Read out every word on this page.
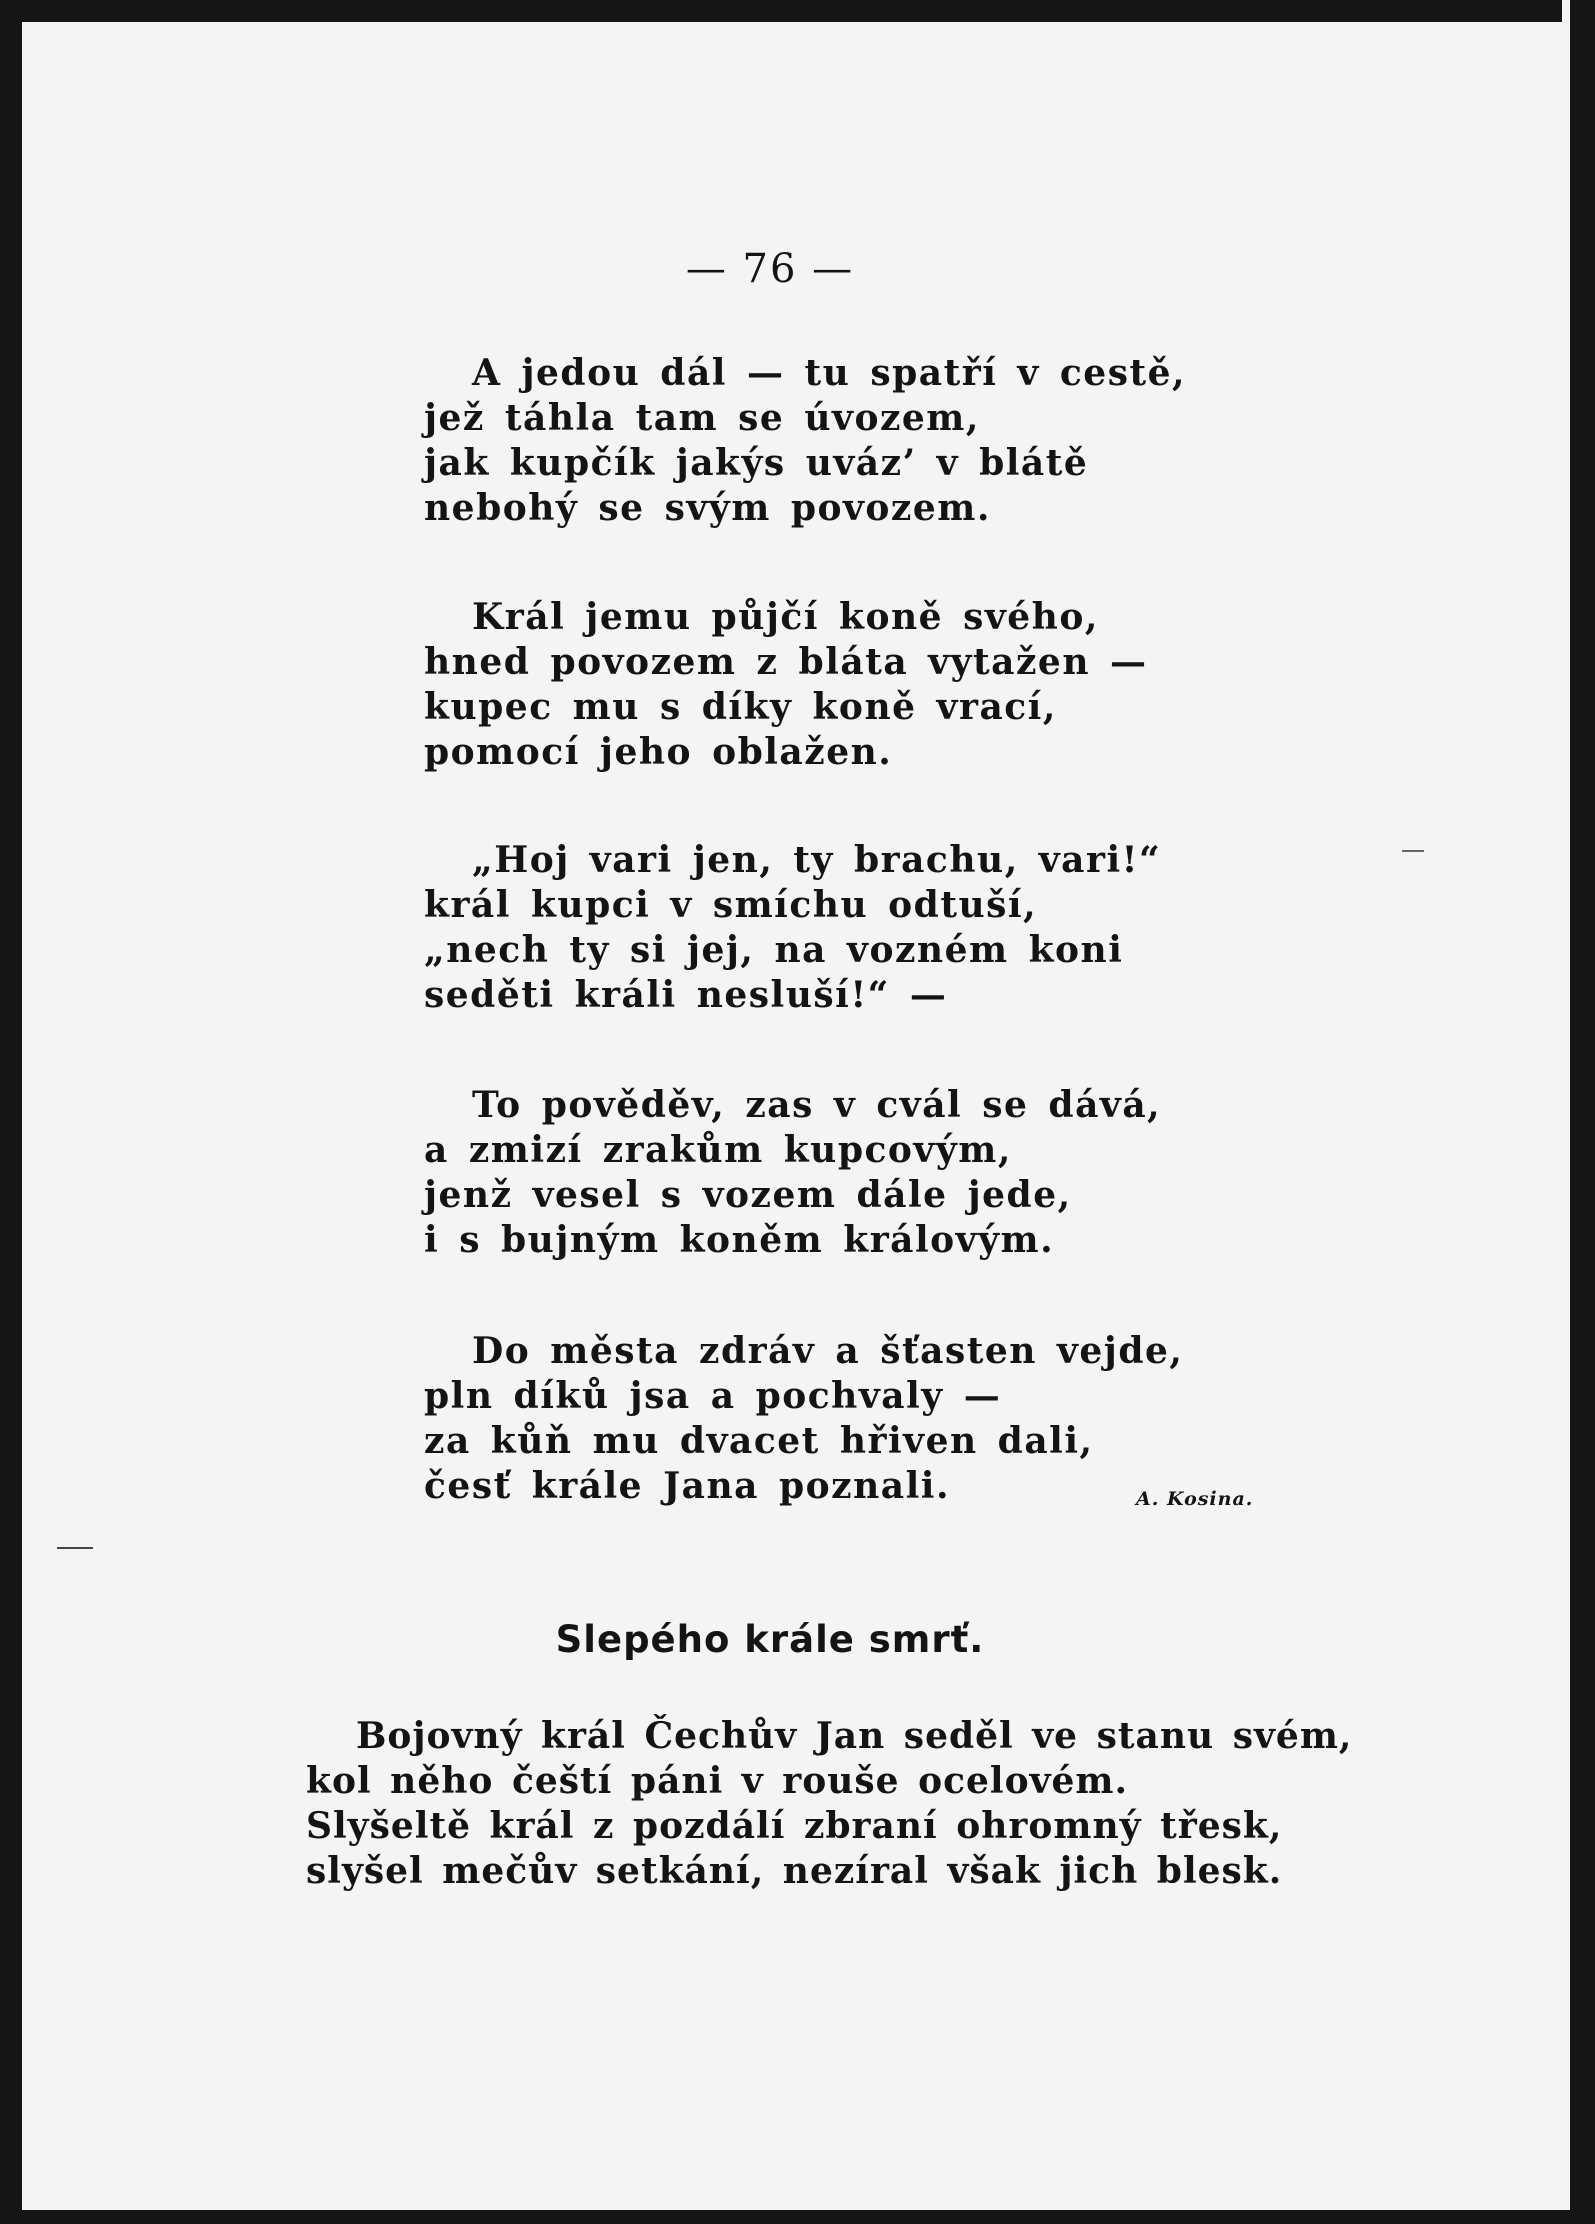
— 76 —
A jedou dál — tu spatří v cestě,
jež táhla tam se úvozem,
jak kupčík jakýs uváz’ v blátě
nebohý se svým povozem.
Král jemu půjčí koně svého,
hned povozem z bláta vytažen —
kupec mu s díky koně vrací,
pomocí jeho oblažen.
„Hoj vari jen, ty brachu, vari!“
král kupci v smíchu odtuší,
„nech ty si jej, na vozném koni
seděti králi nesluší!“ —
To pověděv, zas v cvál se dává,
a zmizí zrakům kupcovým,
jenž vesel s vozem dále jede,
i s bujným koněm královým.
Do města zdráv a šťasten vejde,
pln díků jsa a pochvaly —
za kůň mu dvacet hřiven dali,
česť krále Jana poznali.	A. Kosina.
Slepého krále smrť.
Bojovný král Čechův Jan seděl ve stanu svém,
kol něho čeští páni v rouše ocelovém.
Slyšeltě král z pozdálí zbraní ohromný třesk,
slyšel mečův setkání, nezíral však jich blesk.
